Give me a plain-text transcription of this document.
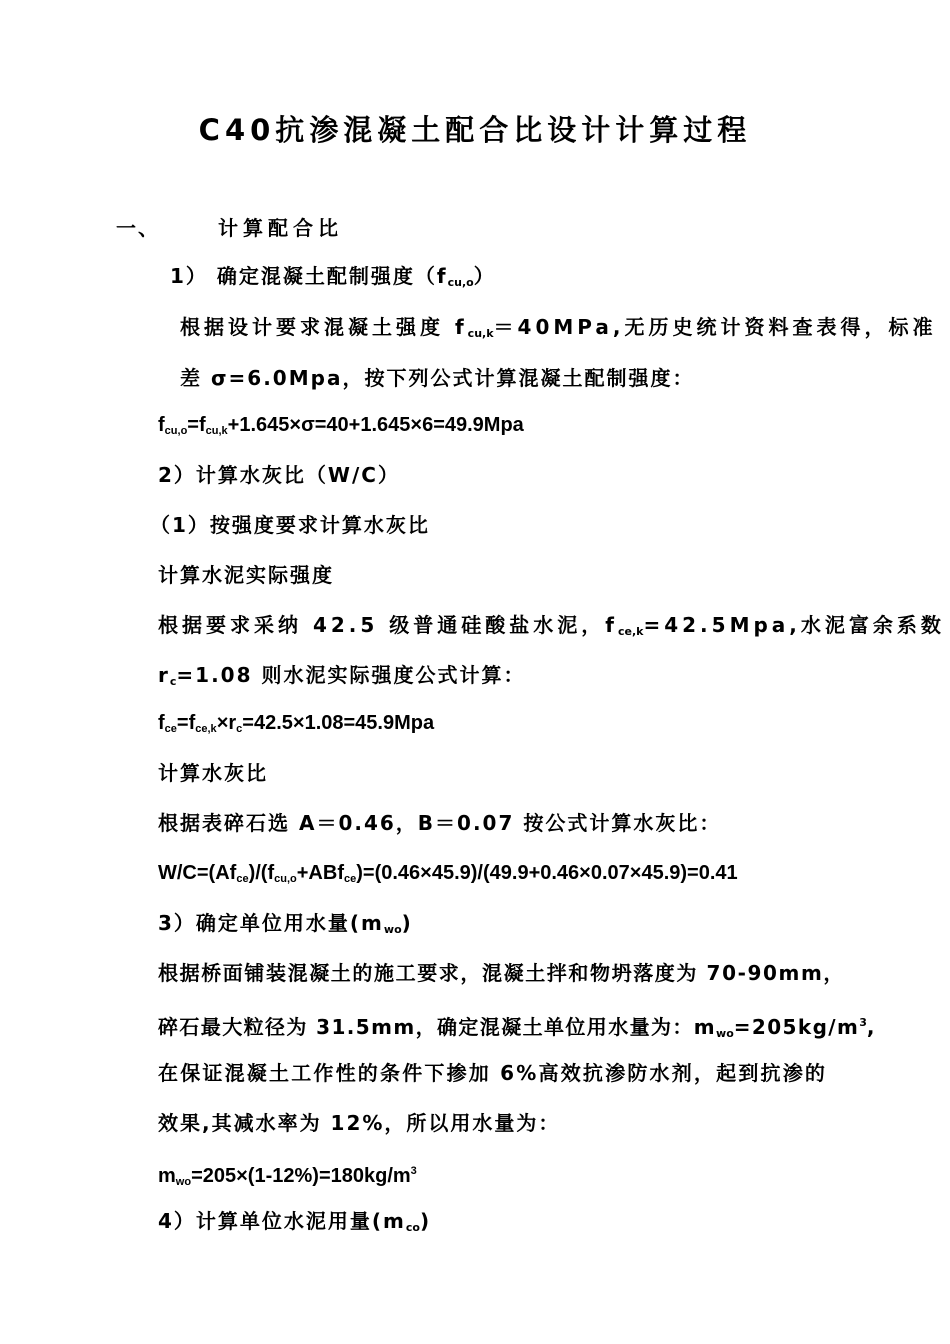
C40抗渗混凝土配合比设计计算过程
一、	计算配合比
1） 确定混凝土配制强度$(f_{cu,o})$
根据设计要求混凝土强度 $f_{cu,k}=40MPa$,无历史统计资料查表得，标准
差 σ=6.0Mpa，按下列公式计算混凝土配制强度：
$f_{cu,o}=f_{cu,k}+1.645\times\sigma=40+1.645\times 6=49.9Mpa$
2）计算水灰比（W/C）
（1）按强度要求计算水灰比
计算水泥实际强度
根据要求采纳 42.5 级普通硅酸盐水泥，$f_{ce,k}=42.5Mpa$,水泥富余系数
$r_c=1.08$ 则水泥实际强度公式计算：
$f_{ce}=f_{ce,k}\times r_c=42.5\times 1.08=45.9Mpa$
计算水灰比
根据表碎石选 A＝0.46，B＝0.07 按公式计算水灰比：
$W/C=(Af_{ce})/(f_{cu,o}+ABf_{ce})=(0.46\times 45.9)/(49.9+0.46\times 0.07\times 45.9)=0.41$
3）确定单位用水量$(m_{wo})$
根据桥面铺装混凝土的施工要求，混凝土拌和物坍落度为 70-90mm，
碎石最大粒径为 31.5mm，确定混凝土单位用水量为：$m_{wo}=205kg/m^3$,
在保证混凝土工作性的条件下掺加 6%高效抗渗防水剂，起到抗渗的
效果,其减水率为 12%，所以用水量为：
$m_{wo}=205\times(1-12\%)=180kg/m^3$
4）计算单位水泥用量$(m_{co})$
